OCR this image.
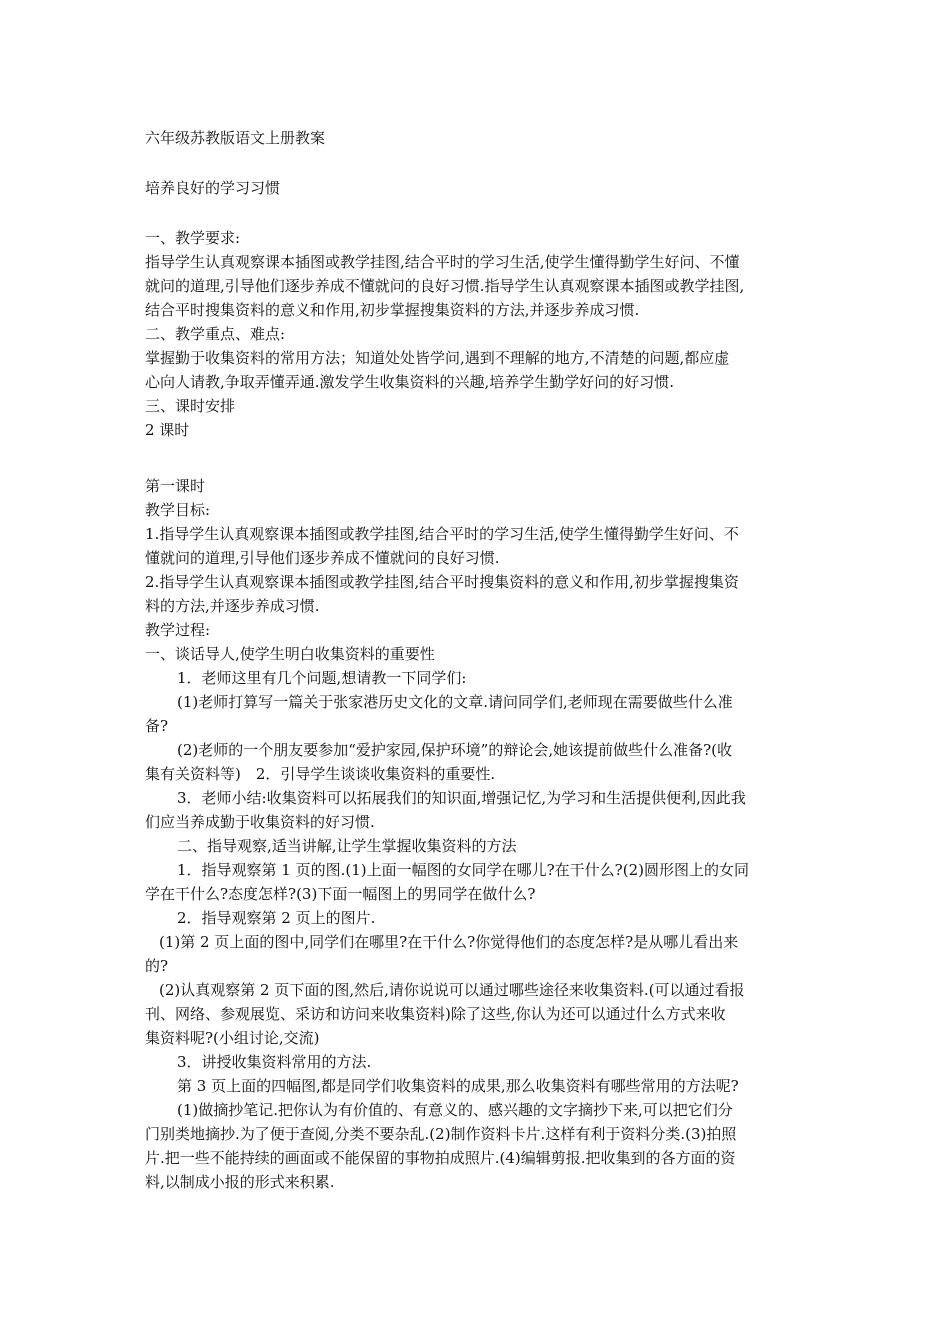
六年级苏教版语文上册教案
培养良好的学习习惯
一、教学要求:
指导学生认真观察课本插图或教学挂图,结合平时的学习生活,使学生懂得勤学生好问、不懂
就问的道理,引导他们逐步养成不懂就问的良好习惯.指导学生认真观察课本插图或教学挂图,
结合平时搜集资料的意义和作用,初步掌握搜集资料的方法,并逐步养成习惯.
二、教学重点、难点:
掌握勤于收集资料的常用方法；知道处处皆学问,遇到不理解的地方,不清楚的问题,都应虚
心向人请教,争取弄懂弄通.激发学生收集资料的兴趣,培养学生勤学好问的好习惯.
三、课时安排
2 课时
第一课时
教学目标:
1.指导学生认真观察课本插图或教学挂图,结合平时的学习生活,使学生懂得勤学生好问、不
懂就问的道理,引导他们逐步养成不懂就问的良好习惯.
2.指导学生认真观察课本插图或教学挂图,结合平时搜集资料的意义和作用,初步掌握搜集资
料的方法,并逐步养成习惯.
教学过程:
一、谈话导人,使学生明白收集资料的重要性
1．老师这里有几个问题,想请教一下同学们:
(1)老师打算写一篇关于张家港历史文化的文章.请问同学们,老师现在需要做些什么准
备?
(2)老师的一个朋友要参加“爱护家园,保护环境”的辩论会,她该提前做些什么准备?(收
集有关资料等)　2．引导学生谈谈收集资料的重要性.
3．老师小结:收集资料可以拓展我们的知识面,增强记忆,为学习和生活提供便利,因此我
们应当养成勤于收集资料的好习惯.
二、指导观察,适当讲解,让学生掌握收集资料的方法
1．指导观察第 1 页的图.(1)上面一幅图的女同学在哪儿?在干什么?(2)圆形图上的女同
学在干什么?态度怎样?(3)下面一幅图上的男同学在做什么?
2．指导观察第 2 页上的图片.
(1)第 2 页上面的图中,同学们在哪里?在干什么?你觉得他们的态度怎样?是从哪儿看出来
的?
(2)认真观察第 2 页下面的图,然后,请你说说可以通过哪些途径来收集资料.(可以通过看报
刊、网络、参观展览、采访和访问来收集资料)除了这些,你认为还可以通过什么方式来收
集资料呢?(小组讨论,交流)
3．讲授收集资料常用的方法.
第 3 页上面的四幅图,都是同学们收集资料的成果,那么收集资料有哪些常用的方法呢?
(1)做摘抄笔记.把你认为有价值的、有意义的、感兴趣的文字摘抄下来,可以把它们分
门别类地摘抄.为了便于查阅,分类不要杂乱.(2)制作资料卡片.这样有利于资料分类.(3)拍照
片.把一些不能持续的画面或不能保留的事物拍成照片.(4)编辑剪报.把收集到的各方面的资
料,以制成小报的形式来积累.
